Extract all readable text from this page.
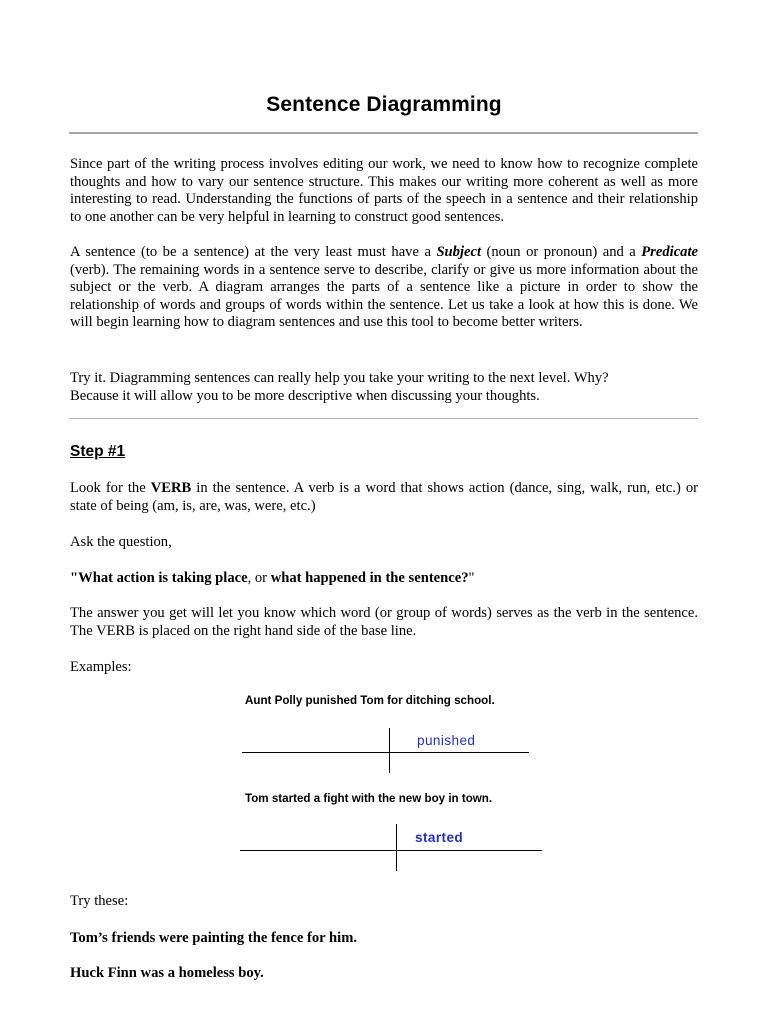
Sentence Diagramming

Since part of the writing process involves editing our work, we need to know how to recognize complete thoughts and how to vary our sentence structure. This makes our writing more coherent as well as more interesting to read. Understanding the functions of parts of the speech in a sentence and their relationship to one another can be very helpful in learning to construct good sentences.

A sentence (to be a sentence) at the very least must have a Subject (noun or pronoun) and a Predicate (verb). The remaining words in a sentence serve to describe, clarify or give us more information about the subject or the verb. A diagram arranges the parts of a sentence like a picture in order to show the relationship of words and groups of words within the sentence. Let us take a look at how this is done. We will begin learning how to diagram sentences and use this tool to become better writers.

Try it. Diagramming sentences can really help you take your writing to the next level. Why?
Because it will allow you to be more descriptive when discussing your thoughts.

Step #1

Look for the VERB in the sentence. A verb is a word that shows action (dance, sing, walk, run, etc.) or state of being (am, is, are, was, were, etc.)

Ask the question,

"What action is taking place, or what happened in the sentence?"

The answer you get will let you know which word (or group of words) serves as the verb in the sentence. The VERB is placed on the right hand side of the base line.

Examples:

Aunt Polly punished Tom for ditching school.

punished

Tom started a fight with the new boy in town.

started

Try these:

Tom’s friends were painting the fence for him.

Huck Finn was a homeless boy.
